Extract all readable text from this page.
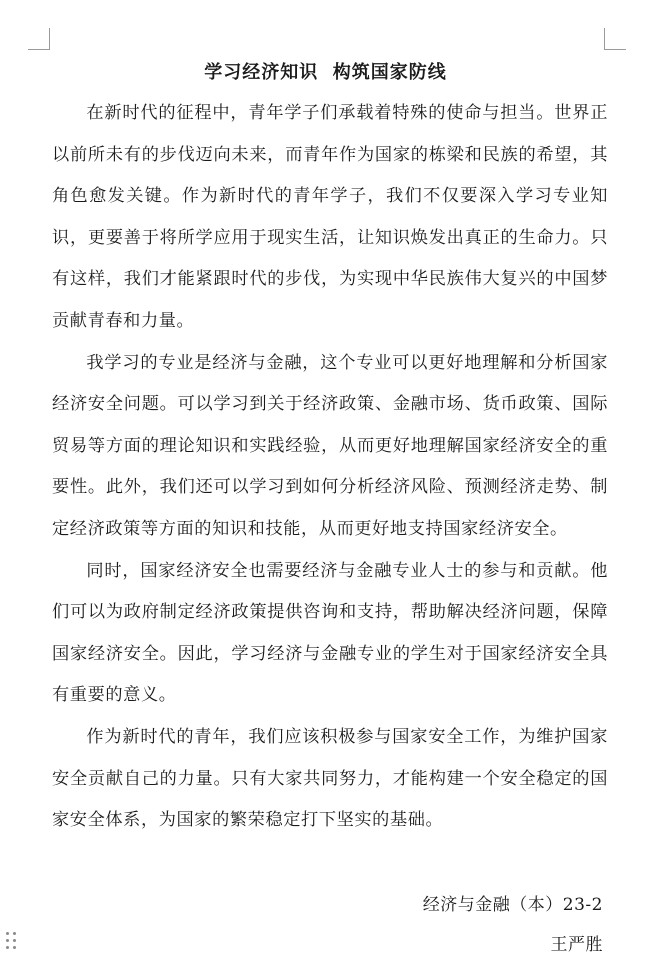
学习经济知识  构筑国家防线

在新时代的征程中，青年学子们承载着特殊的使命与担当。世界正以前所未有的步伐迈向未来，而青年作为国家的栋梁和民族的希望，其角色愈发关键。作为新时代的青年学子，我们不仅要深入学习专业知识，更要善于将所学应用于现实生活，让知识焕发出真正的生命力。只有这样，我们才能紧跟时代的步伐，为实现中华民族伟大复兴的中国梦贡献青春和力量。

我学习的专业是经济与金融，这个专业可以更好地理解和分析国家经济安全问题。可以学习到关于经济政策、金融市场、货币政策、国际贸易等方面的理论知识和实践经验，从而更好地理解国家经济安全的重要性。此外，我们还可以学习到如何分析经济风险、预测经济走势、制定经济政策等方面的知识和技能，从而更好地支持国家经济安全。

同时，国家经济安全也需要经济与金融专业人士的参与和贡献。他们可以为政府制定经济政策提供咨询和支持，帮助解决经济问题，保障国家经济安全。因此，学习经济与金融专业的学生对于国家经济安全具有重要的意义。

作为新时代的青年，我们应该积极参与国家安全工作，为维护国家安全贡献自己的力量。只有大家共同努力，才能构建一个安全稳定的国家安全体系，为国家的繁荣稳定打下坚实的基础。

经济与金融（本）23-2
王严胜
